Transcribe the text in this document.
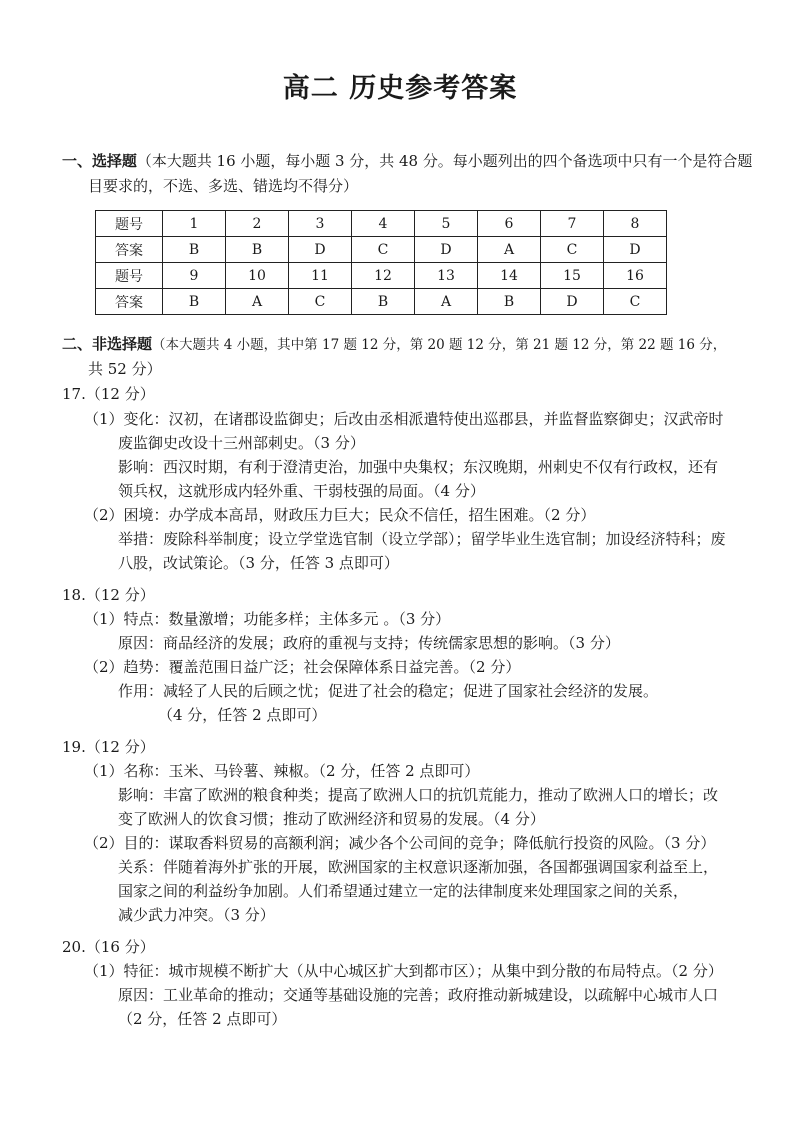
高二 历史参考答案
一、选择题（本大题共 16 小题，每小题 3 分，共 48 分。每小题列出的四个备选项中只有一个是符合题
目要求的，不选、多选、错选均不得分）
题号	1	2	3	4	5	6	7	8
答案	B	B	D	C	D	A	C	D
题号	9	10	11	12	13	14	15	16
答案	B	A	C	B	A	B	D	C
二、非选择题（本大题共 4 小题，其中第 17 题 12 分，第 20 题 12 分，第 21 题 12 分，第 22 题 16 分，
共 52 分）
17.（12 分）
（1）变化：汉初，在诸郡设监御史；后改由丞相派遣特使出巡郡县，并监督监察御史；汉武帝时
废监御史改设十三州部刺史。（3 分）
影响：西汉时期，有利于澄清吏治，加强中央集权；东汉晚期，州刺史不仅有行政权，还有
领兵权，这就形成内轻外重、干弱枝强的局面。（4 分）
（2）困境：办学成本高昂，财政压力巨大；民众不信任，招生困难。（2 分）
举措：废除科举制度；设立学堂选官制（设立学部）；留学毕业生选官制；加设经济特科；废
八股，改试策论。（3 分，任答 3 点即可）
18.（12 分）
（1）特点：数量激增；功能多样；主体多元 。（3 分）
原因：商品经济的发展；政府的重视与支持；传统儒家思想的影响。（3 分）
（2）趋势：覆盖范围日益广泛；社会保障体系日益完善。（2 分）
作用：减轻了人民的后顾之忧；促进了社会的稳定；促进了国家社会经济的发展。
（4 分，任答 2 点即可）
19.（12 分）
（1）名称：玉米、马铃薯、辣椒。（2 分，任答 2 点即可）
影响：丰富了欧洲的粮食种类；提高了欧洲人口的抗饥荒能力，推动了欧洲人口的增长；改
变了欧洲人的饮食习惯；推动了欧洲经济和贸易的发展。（4 分）
（2）目的：谋取香料贸易的高额利润；减少各个公司间的竞争；降低航行投资的风险。（3 分）
关系：伴随着海外扩张的开展，欧洲国家的主权意识逐渐加强，各国都强调国家利益至上，
国家之间的利益纷争加剧。人们希望通过建立一定的法律制度来处理国家之间的关系，
减少武力冲突。（3 分）
20.（16 分）
（1）特征：城市规模不断扩大（从中心城区扩大到都市区）；从集中到分散的布局特点。（2 分）
原因：工业革命的推动；交通等基础设施的完善；政府推动新城建设，以疏解中心城市人口
（2 分，任答 2 点即可）
